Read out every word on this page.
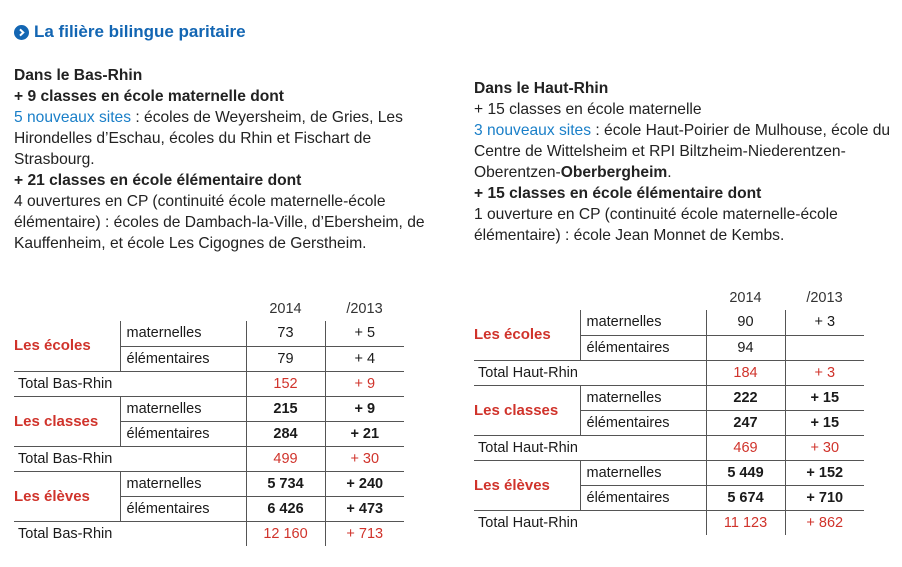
La filière bilingue paritaire
Dans le Bas-Rhin
+ 9 classes en école maternelle dont
5 nouveaux sites : écoles de Weyersheim, de Gries, Les Hirondelles d’Eschau, écoles du Rhin et Fischart de Strasbourg.
+ 21 classes en école élémentaire dont
4 ouvertures en CP (continuité école maternelle-école élémentaire) : écoles de Dambach-la-Ville, d’Ebersheim, de Kauffenheim, et école Les Cigognes de Gerstheim.
Dans le Haut-Rhin
+ 15 classes en école maternelle
3 nouveaux sites : école Haut-Poirier de Mulhouse, école du Centre de Wittelsheim et RPI Biltzheim-Niederentzen-Oberentzen-Oberbergheim.
+ 15 classes en école élémentaire dont
1 ouverture en CP (continuité école maternelle-école élémentaire) : école Jean Monnet de Kembs.
		2014	/2013
Les écoles	maternelles	73	+ 5
	élémentaires	79	+ 4
Total Bas-Rhin		152	+ 9
Les classes	maternelles	215	+ 9
	élémentaires	284	+ 21
Total Bas-Rhin		499	+ 30
Les élèves	maternelles	5 734	+ 240
	élémentaires	6 426	+ 473
Total Bas-Rhin		12 160	+ 713
		2014	/2013
Les écoles	maternelles	90	+ 3
	élémentaires	94	
Total Haut-Rhin		184	+ 3
Les classes	maternelles	222	+ 15
	élémentaires	247	+ 15
Total Haut-Rhin		469	+ 30
Les élèves	maternelles	5 449	+ 152
	élémentaires	5 674	+ 710
Total Haut-Rhin		11 123	+ 862
